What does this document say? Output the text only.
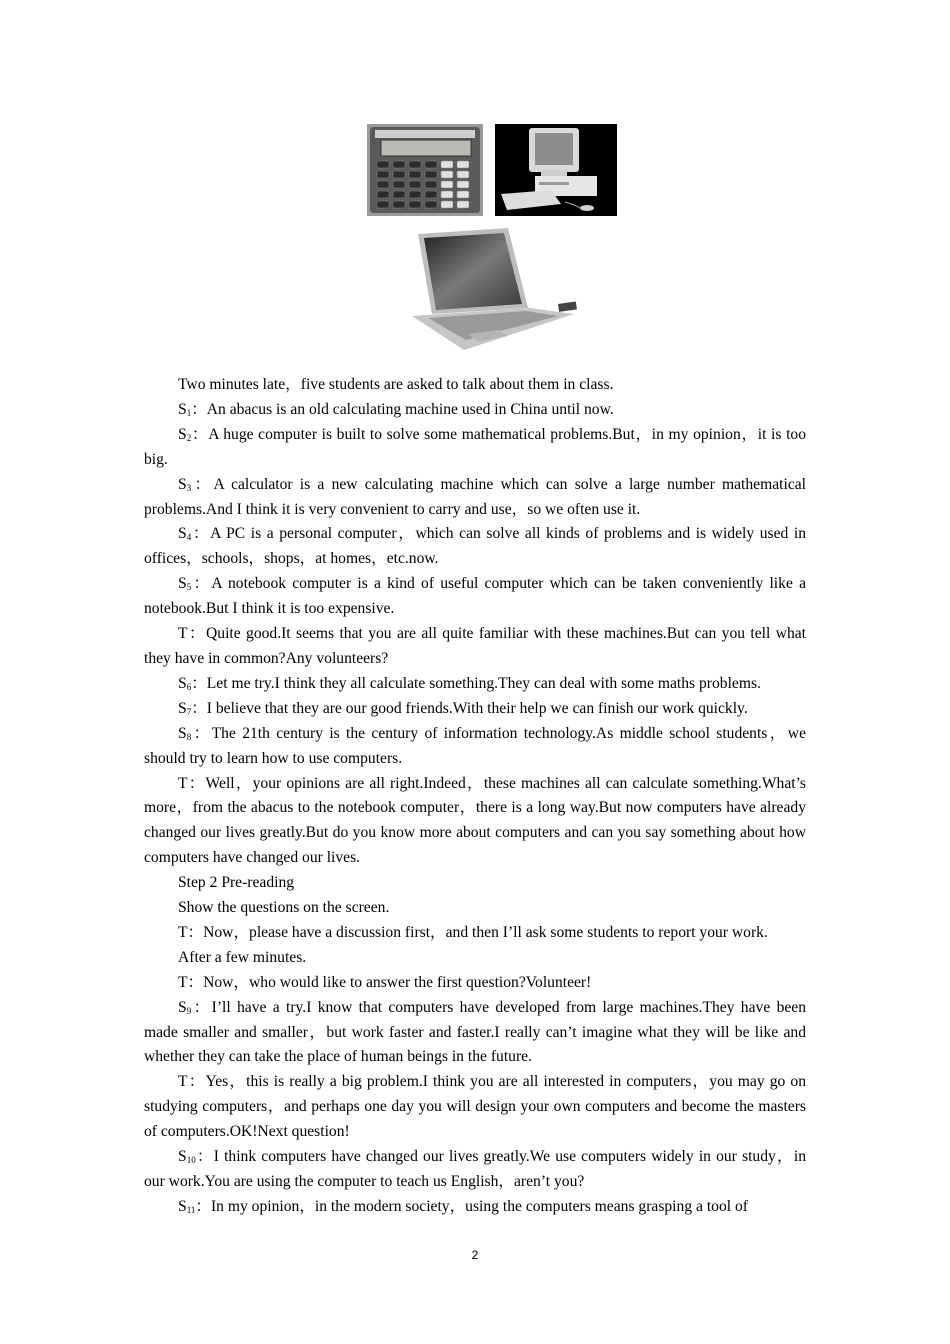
Two minutes late，five students are asked to talk about them in class.

$S_1$：An abacus is an old calculating machine used in China until now.

$S_2$：A huge computer is built to solve some mathematical problems.But，in my opinion，it is too big.

$S_3$：A calculator is a new calculating machine which can solve a large number mathematical problems.And I think it is very convenient to carry and use，so we often use it.

$S_4$：A PC is a personal computer，which can solve all kinds of problems and is widely used in offices，schools，shops，at homes，etc.now.

$S_5$：A notebook computer is a kind of useful computer which can be taken conveniently like a notebook.But I think it is too expensive.

T：Quite good.It seems that you are all quite familiar with these machines.But can you tell what they have in common?Any volunteers?

$S_6$：Let me try.I think they all calculate something.They can deal with some maths problems.

$S_7$：I believe that they are our good friends.With their help we can finish our work quickly.

$S_8$：The 21th century is the century of information technology.As middle school students，we should try to learn how to use computers.

T：Well，your opinions are all right.Indeed，these machines all can calculate something.What’s more，from the abacus to the notebook computer，there is a long way.But now computers have already changed our lives greatly.But do you know more about computers and can you say something about how computers have changed our lives.

Step 2 Pre-reading

Show the questions on the screen.

T：Now，please have a discussion first，and then I’ll ask some students to report your work.

After a few minutes.

T：Now，who would like to answer the first question?Volunteer!

$S_9$：I’ll have a try.I know that computers have developed from large machines.They have been made smaller and smaller，but work faster and faster.I really can’t imagine what they will be like and whether they can take the place of human beings in the future.

T：Yes，this is really a big problem.I think you are all interested in computers，you may go on studying computers，and perhaps one day you will design your own computers and become the masters of computers.OK!Next question!

$S_{10}$：I think computers have changed our lives greatly.We use computers widely in our study，in our work.You are using the computer to teach us English，aren’t you?

$S_{11}$：In my opinion，in the modern society，using the computers means grasping a tool of

2
